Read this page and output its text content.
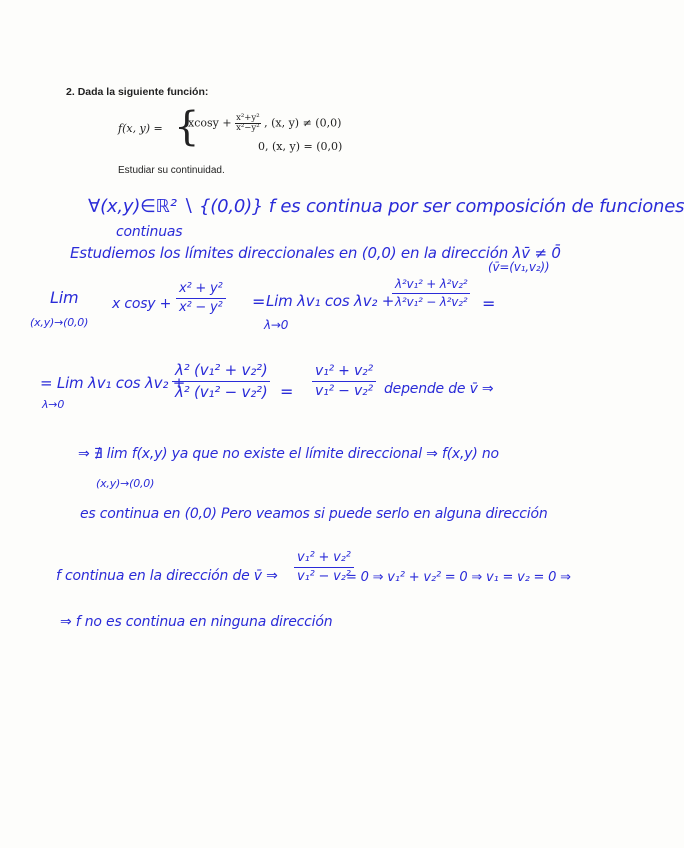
2. Dada la siguiente función:
f(x, y) = {
$xcosy + \frac{\text{x²+y²}}{\text{x²−y²}}$ , (x, y) ≠ (0,0)
0, (x, y) = (0,0)
Estudiar su continuidad.
∀(x,y)∈ℝ² ∖ {(0,0)} f es continua por ser composición de funciones
continuas
Estudiemos los límites direccionales en (0,0) en la dirección λv̄ ≠ 0̄
(v̄=(v₁,v₂))
Lim
(x,y)→(0,0)
x $\cos y + \frac{\text{x² + y²}}{\text{x² − y²}}$ = Lim λv₁ cos λv₂ +
λ→0
$\frac{\text{λ²v₁² + λ²v₂²}}{\text{λ²v₁² − λ²v₂²}}$ =
= Lim λv₁ cos λv₂ +
λ→0
$\frac{\text{λ² (v₁² + v₂²)}}{\text{λ² (v₁² − v₂²)}} = \frac{\text{v₁² + v₂²}}{\text{v₁² − v₂²}}$ depende de v̄ ⇒
⇒ ∄ lim f(x,y) ya que no existe el límite direccional ⇒ f(x,y) no
(x,y)→(0,0)
es continua en (0,0) Pero veamos si puede serlo en alguna dirección
f continua en la dirección de v̄ ⇒ $\frac{\text{v₁² + v₂²}}{\text{v₁² − v₂²}}$
= 0 ⇒ v₁² + v₂² = 0 ⇒ v₁ = v₂ = 0 ⇒
⇒ f no es continua en ninguna dirección
